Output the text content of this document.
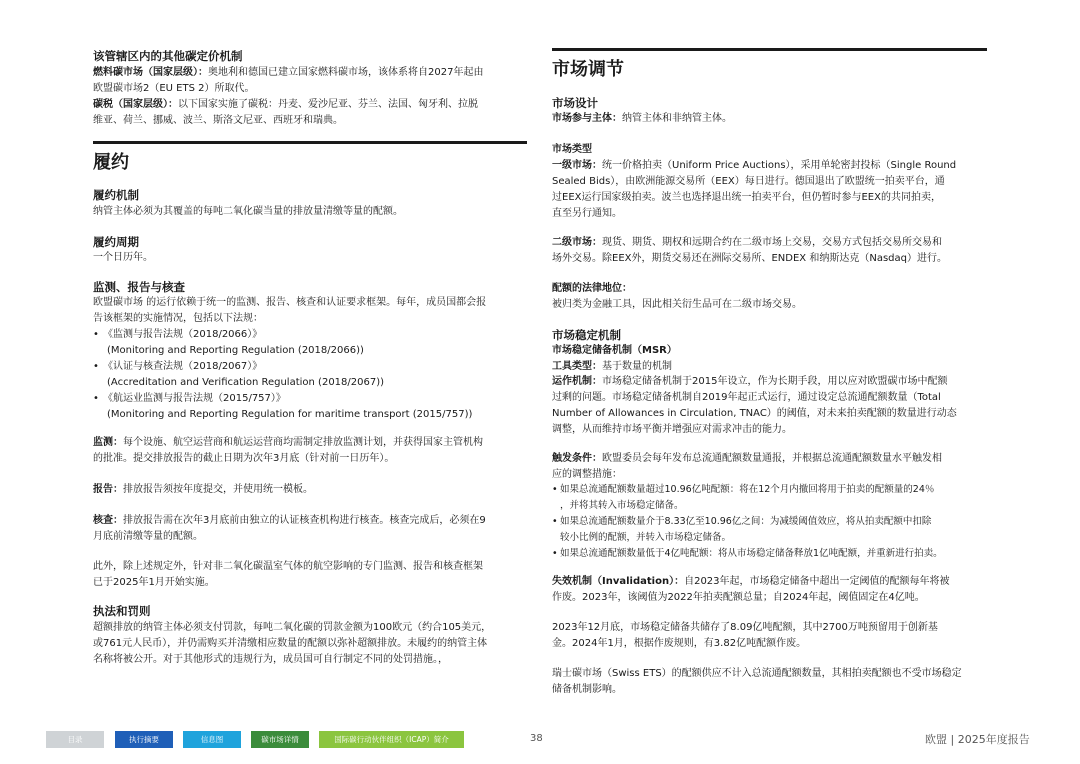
该管辖区内的其他碳定价机制

燃料碳市场（国家层级）：奥地利和德国已建立国家燃料碳市场，该体系将自2027年起由
欧盟碳市场2（EU ETS 2）所取代。

碳税（国家层级）：以下国家实施了碳税：丹麦、爱沙尼亚、芬兰、法国、匈牙利、拉脱
维亚、荷兰、挪威、波兰、斯洛文尼亚、西班牙和瑞典。

履约

履约机制

纳管主体必须为其覆盖的每吨二氧化碳当量的排放量清缴等量的配额。

履约周期

一个日历年。

监测、报告与核查

欧盟碳市场 的运行依赖于统一的监测、报告、核查和认证要求框架。每年，成员国都会报
告该框架的实施情况，包括以下法规：

• 《监测与报告法规（2018/2066）》

(Monitoring and Reporting Regulation (2018/2066))

• 《认证与核查法规（2018/2067）》

(Accreditation and Verification Regulation (2018/2067))

• 《航运业监测与报告法规（2015/757）》

(Monitoring and Reporting Regulation for maritime transport (2015/757))

监测：每个设施、航空运营商和航运运营商均需制定排放监测计划，并获得国家主管机构
的批准。提交排放报告的截止日期为次年3月底（针对前一日历年）。

报告：排放报告须按年度提交，并使用统一模板。

核查：排放报告需在次年3月底前由独立的认证核查机构进行核查。核查完成后，必须在9
月底前清缴等量的配额。

此外，除上述规定外，针对非二氧化碳温室气体的航空影响的专门监测、报告和核查框架
已于2025年1月开始实施。

执法和罚则

超额排放的纳管主体必须支付罚款，每吨二氧化碳的罚款金额为100欧元（约合105美元，
或761元人民币），并仍需购买并清缴相应数量的配额以弥补超额排放。未履约的纳管主体
名称将被公开。对于其他形式的违规行为，成员国可自行制定不同的处罚措施。，

市场调节

市场设计

市场参与主体：纳管主体和非纳管主体。

市场类型

一级市场：统一价格拍卖（Uniform Price Auctions），采用单轮密封投标（Single Round
Sealed Bids），由欧洲能源交易所（EEX）每日进行。德国退出了欧盟统一拍卖平台，通
过EEX运行国家级拍卖。波兰也选择退出统一拍卖平台，但仍暂时参与EEX的共同拍卖，
直至另行通知。

二级市场：现货、期货、期权和远期合约在二级市场上交易，交易方式包括交易所交易和
场外交易。除EEX外，期货交易还在洲际交易所、ENDEX 和纳斯达克（Nasdaq）进行。

配额的法律地位：

被归类为金融工具，因此相关衍生品可在二级市场交易。

市场稳定机制

市场稳定储备机制（MSR）

工具类型：基于数量的机制

运作机制：市场稳定储备机制于2015年设立，作为长期手段，用以应对欧盟碳市场中配额
过剩的问题。市场稳定储备机制自2019年起正式运行，通过设定总流通配额数量（Total
Number of Allowances in Circulation, TNAC）的阈值，对未来拍卖配额的数量进行动态
调整，从而维持市场平衡并增强应对需求冲击的能力。

触发条件：欧盟委员会每年发布总流通配额数量通报，并根据总流通配额数量水平触发相
应的调整措施：

• 如果总流通配额数量超过10.96亿吨配额：将在12个月内撤回将用于拍卖的配额量的24％
，并将其转入市场稳定储备。

• 如果总流通配额数量介于8.33亿至10.96亿之间：为减缓阈值效应，将从拍卖配额中扣除
较小比例的配额，并转入市场稳定储备。

• 如果总流通配额数量低于4亿吨配额：将从市场稳定储备释放1亿吨配额，并重新进行拍卖。

失效机制（Invalidation）：自2023年起，市场稳定储备中超出一定阈值的配额每年将被
作废。2023年，该阈值为2022年拍卖配额总量；自2024年起，阈值固定在4亿吨。

2023年12月底，市场稳定储备共储存了8.09亿吨配额，其中2700万吨预留用于创新基
金。2024年1月，根据作废规则，有3.82亿吨配额作废。

瑞士碳市场（Swiss ETS）的配额供应不计入总流通配额数量，其相拍卖配额也不受市场稳定
储备机制影响。

目录	执行摘要	信息图	碳市场详情	国际碳行动伙伴组织（ICAP）简介	38	欧盟 | 2025年度报告
